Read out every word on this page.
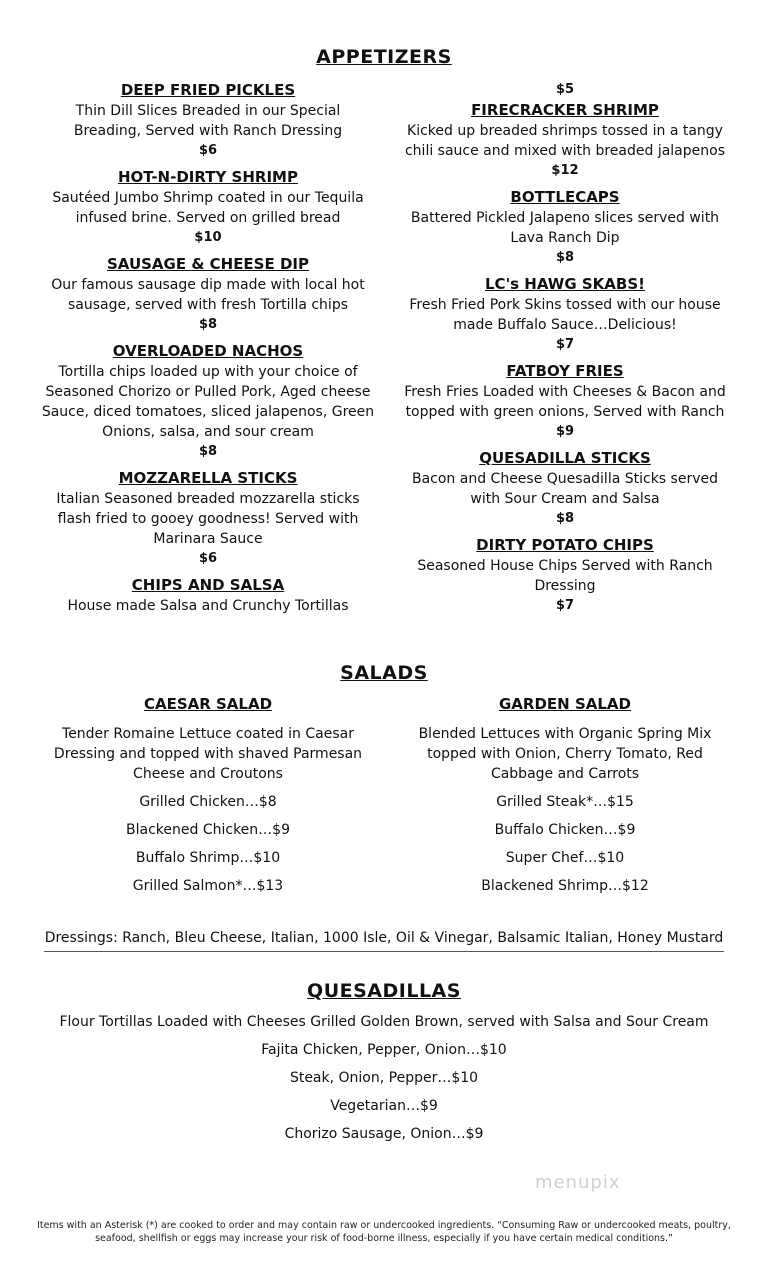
APPETIZERS
DEEP FRIED PICKLES
Thin Dill Slices Breaded in our Special Breading, Served with Ranch Dressing
$6
HOT-N-DIRTY SHRIMP
Sautéed Jumbo Shrimp coated in our Tequila infused brine. Served on grilled bread
$10
SAUSAGE & CHEESE DIP
Our famous sausage dip made with local hot sausage, served with fresh Tortilla chips
$8
OVERLOADED NACHOS
Tortilla chips loaded up with your choice of Seasoned Chorizo or Pulled Pork, Aged cheese Sauce, diced tomatoes, sliced jalapenos, Green Onions, salsa, and sour cream
$8
MOZZARELLA STICKS
Italian Seasoned breaded mozzarella sticks flash fried to gooey goodness! Served with Marinara Sauce
$6
CHIPS AND SALSA
House made Salsa and Crunchy Tortillas
$5
FIRECRACKER SHRIMP
Kicked up breaded shrimps tossed in a tangy chili sauce and mixed with breaded jalapenos
$12
BOTTLECAPS
Battered Pickled Jalapeno slices served with Lava Ranch Dip
$8
LC's HAWG SKABS!
Fresh Fried Pork Skins tossed with our house made Buffalo Sauce…Delicious!
$7
FATBOY FRIES
Fresh Fries Loaded with Cheeses & Bacon and topped with green onions, Served with Ranch
$9
QUESADILLA STICKS
Bacon and Cheese Quesadilla Sticks served with Sour Cream and Salsa
$8
DIRTY POTATO CHIPS
Seasoned House Chips Served with Ranch Dressing
$7
SALADS
CAESAR SALAD
Tender Romaine Lettuce coated in Caesar Dressing and topped with shaved Parmesan Cheese and Croutons
Grilled Chicken…$8
Blackened Chicken…$9
Buffalo Shrimp…$10
Grilled Salmon*…$13
GARDEN SALAD
Blended Lettuces with Organic Spring Mix topped with Onion, Cherry Tomato, Red Cabbage and Carrots
Grilled Steak*…$15
Buffalo Chicken…$9
Super Chef…$10
Blackened Shrimp…$12
Dressings: Ranch, Bleu Cheese, Italian, 1000 Isle, Oil & Vinegar, Balsamic Italian, Honey Mustard
QUESADILLAS
Flour Tortillas Loaded with Cheeses Grilled Golden Brown, served with Salsa and Sour Cream
Fajita Chicken, Pepper, Onion…$10
Steak, Onion, Pepper…$10
Vegetarian…$9
Chorizo Sausage, Onion…$9
menupix
Items with an Asterisk (*) are cooked to order and may contain raw or undercooked ingredients. “Consuming Raw or undercooked meats, poultry, seafood, shellfish or eggs may increase your risk of food-borne illness, especially if you have certain medical conditions.”
